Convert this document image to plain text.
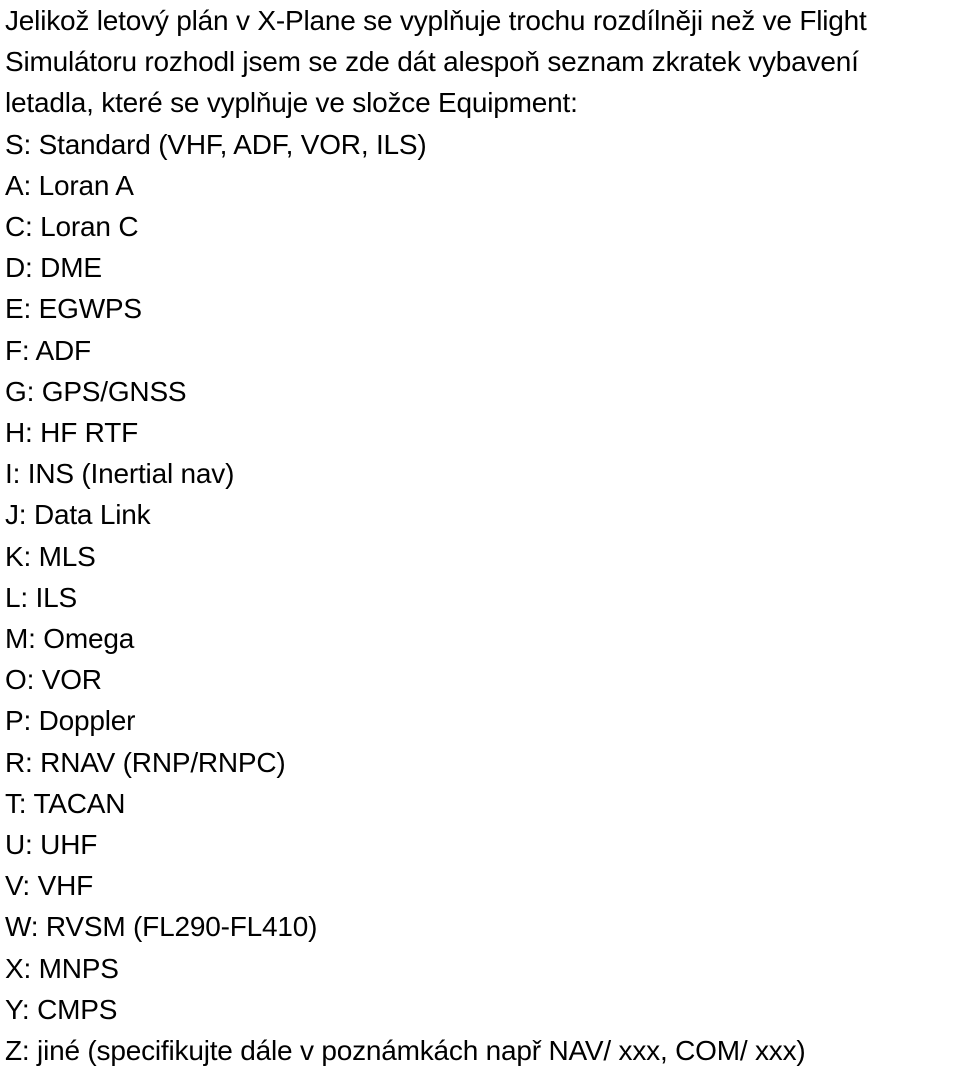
Jelikož letový plán v X-Plane se vyplňuje trochu rozdílněji než ve Flight
Simulátoru rozhodl jsem se zde dát alespoň seznam zkratek vybavení
letadla, které se vyplňuje ve složce Equipment:

S: Standard (VHF, ADF, VOR, ILS)

A: Loran A

C: Loran C

D: DME

E: EGWPS

F: ADF

G: GPS/GNSS

H: HF RTF

I: INS (Inertial nav)

J: Data Link

K: MLS

L: ILS

M: Omega

O: VOR

P: Doppler

R: RNAV (RNP/RNPC)

T: TACAN

U: UHF

V: VHF

W: RVSM (FL290-FL410)

X: MNPS

Y: CMPS

Z: jiné (specifikujte dále v poznámkách např NAV/ xxx, COM/ xxx)
